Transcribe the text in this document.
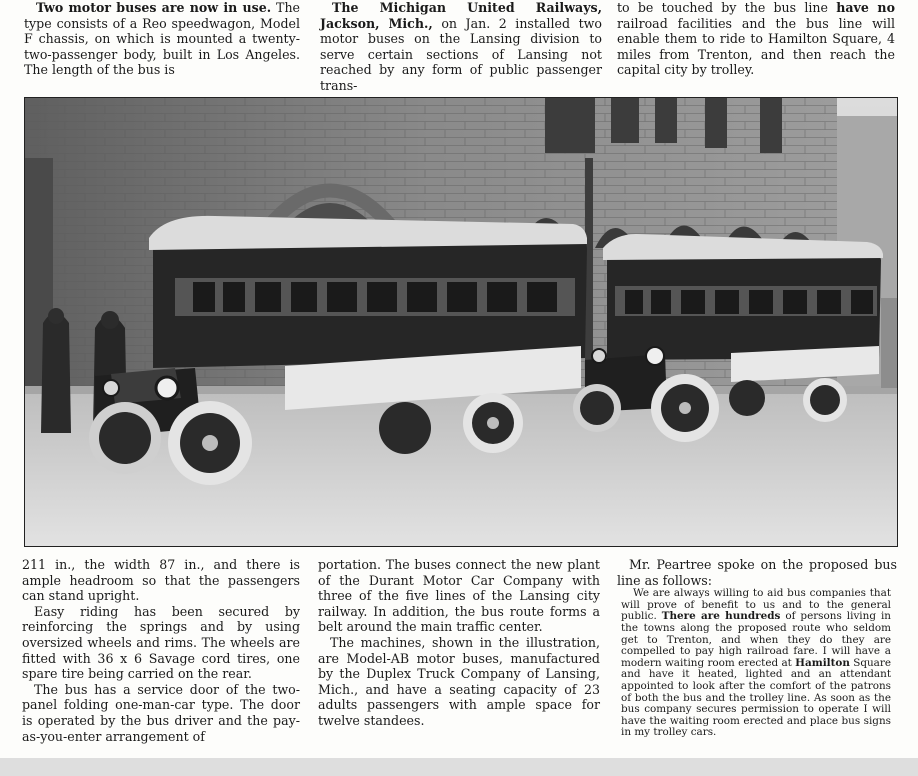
Two motor buses are now in use. The type consists of a Reo speedwagon, Model F chassis, on which is mounted a twenty-two-passenger body, built in Los Angeles. The length of the bus is

The Michigan United Railways, Jackson, Mich., on Jan. 2 installed two motor buses on the Lansing division to serve certain sections of Lansing not reached by any form of public passenger trans-

to be touched by the bus line have no railroad facilities and the bus line will enable them to ride to Hamilton Square, 4 miles from Trenton, and then reach the capital city by trolley.

211 in., the width 87 in., and there is ample headroom so that the passengers can stand upright.

Easy riding has been secured by reinforcing the springs and by using oversized wheels and rims. The wheels are fitted with 36 x 6 Savage cord tires, one spare tire being carried on the rear.

The bus has a service door of the two-panel folding one-man-car type. The door is operated by the bus driver and the pay-as-you-enter arrangement of

portation. The buses connect the new plant of the Durant Motor Car Company with three of the five lines of the Lansing city railway. In addition, the bus route forms a belt around the main traffic center.

The machines, shown in the illustration, are Model-AB motor buses, manufactured by the Duplex Truck Company of Lansing, Mich., and have a seating capacity of 23 adults passengers with ample space for twelve standees.

Mr. Peartree spoke on the proposed bus line as follows:

We are always willing to aid bus companies that will prove of benefit to us and to the general public. There are hundreds of persons living in the towns along the proposed route who seldom get to Trenton, and when they do they are compelled to pay high railroad fare. I will have a modern waiting room erected at Hamilton Square and have it heated, lighted and an attendant appointed to look after the comfort of the patrons of both the bus and the trolley line. As soon as the bus company secures permission to operate I will have the waiting room erected and place bus signs in my trolley cars.
